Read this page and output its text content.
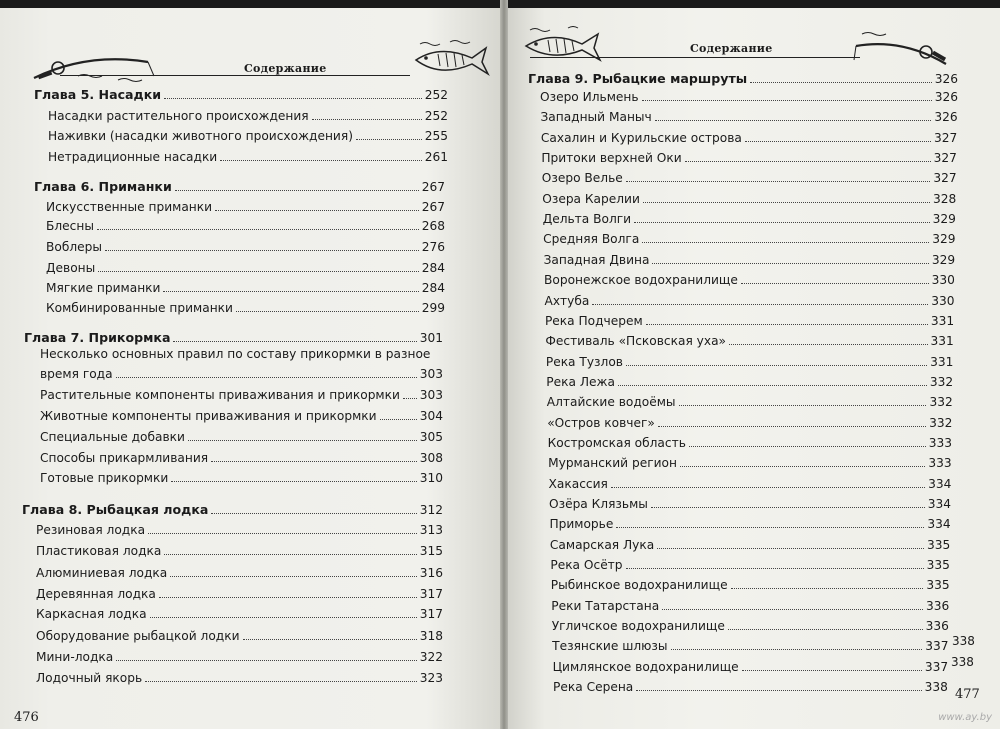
Содержание
Содержание
Глава 5. Насадки	252
Насадки растительного происхождения	252
Наживки (насадки животного происхождения)	255
Нетрадиционные насадки	261
Глава 6. Приманки	267
Искусственные приманки	267
Блесны	268
Воблеры	276
Девоны	284
Мягкие приманки	284
Комбинированные приманки	299
Глава 7. Прикормка	301
Несколько основных правил по составу прикормки в разное
время года	303
Растительные компоненты приваживания и прикормки 303
Животные компоненты приваживания и прикормки	304
Специальные добавки	305
Способы прикармливания	308
Готовые прикормки	310
Глава 8. Рыбацкая лодка	312
Резиновая лодка	313
Пластиковая лодка	315
Алюминиевая лодка	316
Деревянная лодка	317
Каркасная лодка	317
Оборудование рыбацкой лодки	318
Мини-лодка	322
Лодочный якорь	323
Глава 9. Рыбацкие маршруты	326
Озеро Ильмень	326
Западный Маныч	326
Сахалин и Курильские острова	327
Притоки верхней Оки	327
Озеро Велье	327
Озера Карелии	328
Дельта Волги	329
Средняя Волга	329
Западная Двина	329
Воронежское водохранилище	330
Ахтуба	330
Река Подчерем	331
Фестиваль «Псковская уха»	331
Река Тузлов	331
Река Лежа	332
Алтайские водоёмы	332
«Остров ковчег»	332
Костромская область	333
Мурманский регион	333
Хакассия	334
Озёра Клязьмы	334
Приморье	334
Самарская Лука	335
Река Осётр	335
Рыбинское водохранилище	335
Реки Татарстана	336
Угличское водохранилище	336
Тезянские шлюзы	337
Цимлянское водохранилище	337
Река Серена	338
338
338
476
477
www.ay.by
